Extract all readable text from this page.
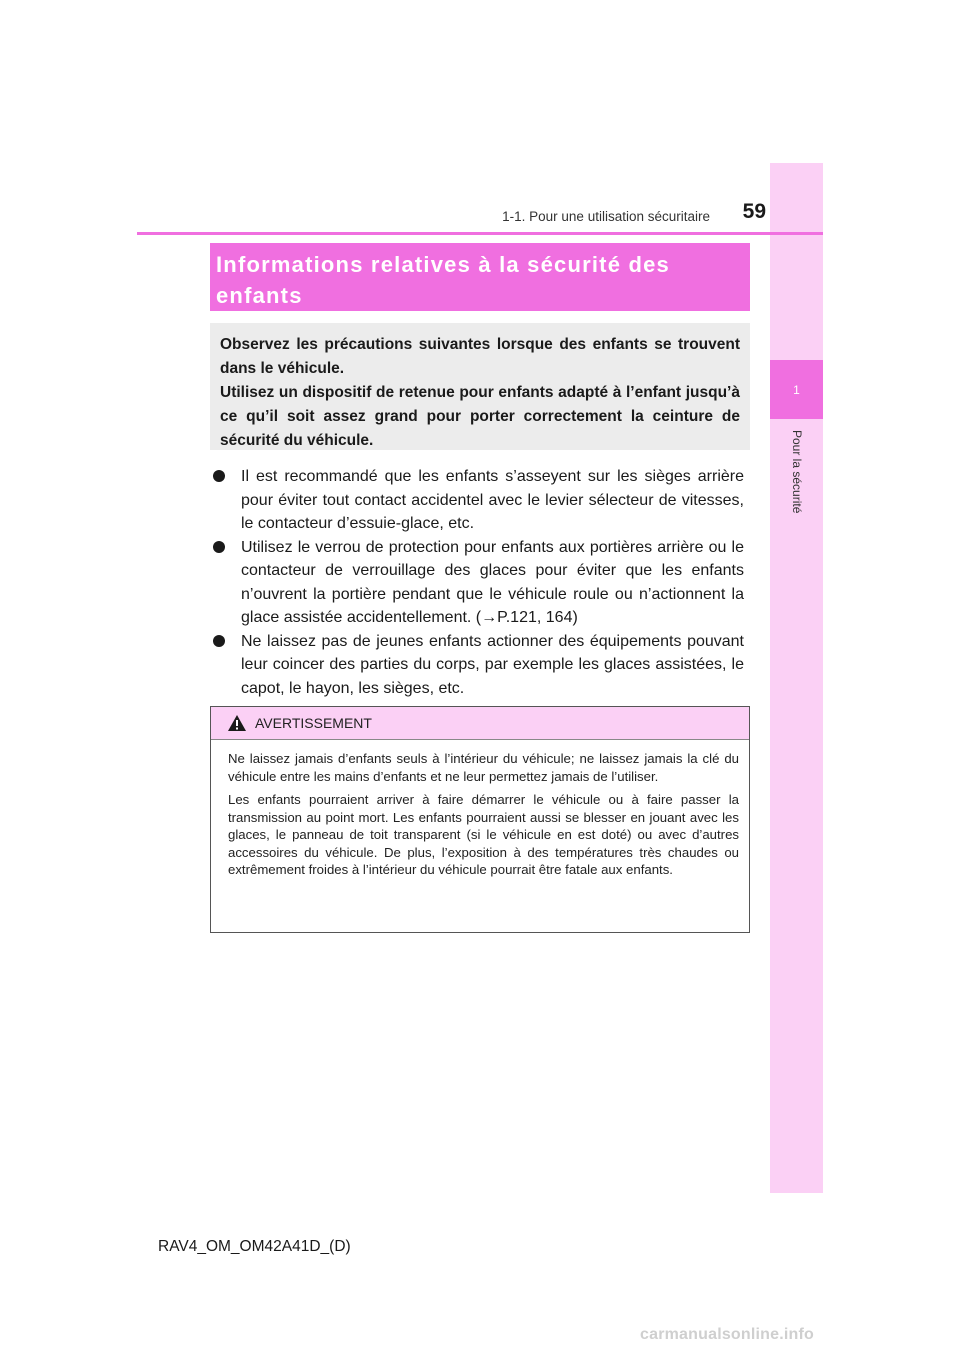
1
Pour la sécurité
1-1. Pour une utilisation sécuritaire	59
Informations relatives à la sécurité des enfants

Observez les précautions suivantes lorsque des enfants se trouvent dans le véhicule.

Utilisez un dispositif de retenue pour enfants adapté à l’enfant jusqu’à ce qu’il soit assez grand pour porter correctement la ceinture de sécurité du véhicule.

Il est recommandé que les enfants s’asseyent sur les sièges arrière pour éviter tout contact accidentel avec le levier sélecteur de vitesses, le contacteur d’essuie-glace, etc.
Utilisez le verrou de protection pour enfants aux portières arrière ou le contacteur de verrouillage des glaces pour éviter que les enfants n’ouvrent la portière pendant que le véhicule roule ou n’actionnent la glace assistée accidentellement. (→P.121, 164)
Ne laissez pas de jeunes enfants actionner des équipements pouvant leur coincer des parties du corps, par exemple les glaces assistées, le capot, le hayon, les sièges, etc.
AVERTISSEMENT

Ne laissez jamais d’enfants seuls à l’intérieur du véhicule; ne laissez jamais la clé du véhicule entre les mains d’enfants et ne leur permettez jamais de l’utiliser.

Les enfants pourraient arriver à faire démarrer le véhicule ou à faire passer la transmission au point mort. Les enfants pourraient aussi se blesser en jouant avec les glaces, le panneau de toit transparent (si le véhicule en est doté) ou avec d’autres accessoires du véhicule. De plus, l’exposition à des températures très chaudes ou extrêmement froides à l’intérieur du véhicule pourrait être fatale aux enfants.

RAV4_OM_OM42A41D_(D)
carmanualsonline.info
